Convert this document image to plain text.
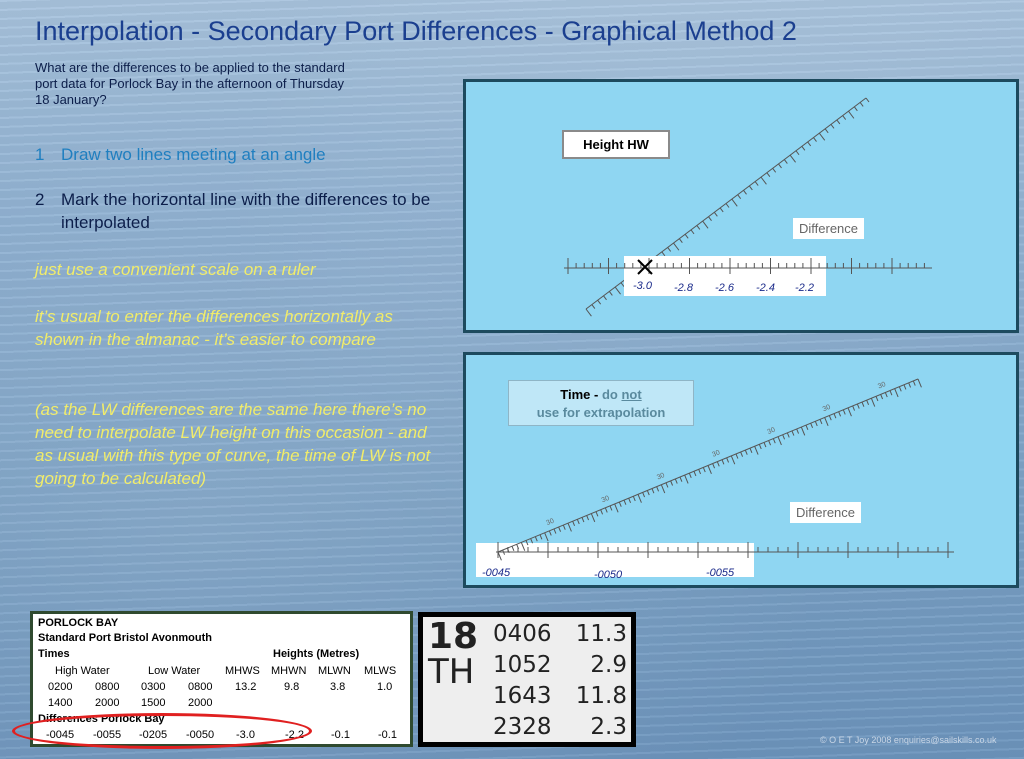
Interpolation - Secondary Port Differences - Graphical Method 2
What are the differences to be applied to the standard port data for Porlock Bay in the afternoon of Thursday 18 January?
1 Draw two lines meeting at an angle
2 Mark the horizontal line with the differences to be interpolated
just use a convenient scale on a ruler
it’s usual to enter the differences horizontally as shown in the almanac - it’s easier to compare
(as the LW differences are the same here there’s no need to interpolate LW height on this occasion - and as usual with this type of curve, the time of LW is not going to be calculated)
-3.0 -2.8 -2.6 -2.4 -2.2
Height HW
Difference
30
30
30
30
30
30
30
-0045	-0050	-0055
Time - do not
use for extrapolation
Difference
PORLOCK BAY
Standard Port Bristol Avonmouth
Times	Heights (Metres)
High Water	Low Water MHWS MHWN MLWN MLWS
0200 0800 0300 0800 13.2	9.8	3.8	1.0
1400 2000 1500 2000
Differences Porlock Bay
-0045 -0055 -0205 -0050 -3.0	-2.2 -0.1	-0.1
18
TH
0406 11.3
1052 2.9
1643 11.8
2328 2.3	© O E T Joy 2008 enquiries@sailskills.co.uk
